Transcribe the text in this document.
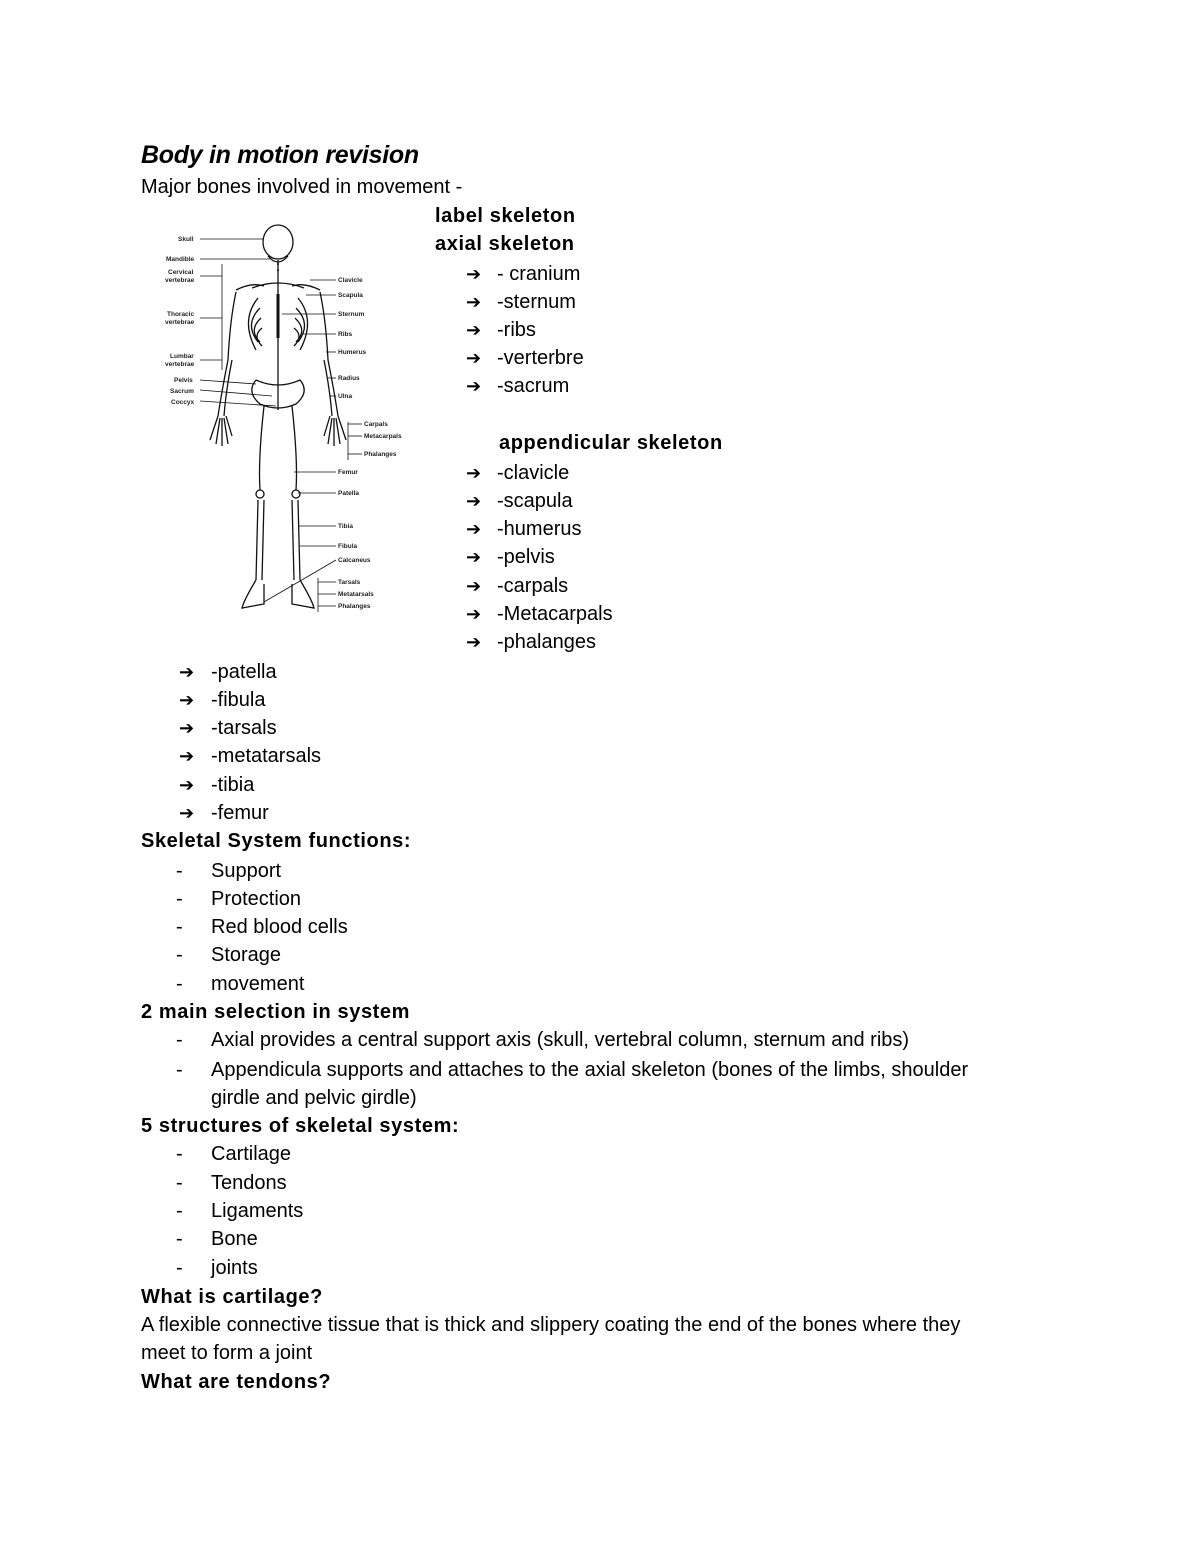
Body in motion revision
Major bones involved in movement -
Skull
Mandible
Cervical
vertebrae
Thoracic
vertebrae
Lumbar
vertebrae
Pelvis
Sacrum
Coccyx
Clavicle
Scapula
Sternum
Ribs
Humerus
Radius
Ulna
Carpals
Metacarpals
Phalanges
Femur
Patella
Tibia
Fibula
Calcaneus
Tarsals
Metatarsals
Phalanges
label skeleton
axial skeleton
➔ - cranium
➔ -sternum
➔ -ribs
➔ -verterbre
➔ -sacrum
appendicular skeleton
➔ -clavicle
➔ -scapula
➔ -humerus
➔ -pelvis
➔ -carpals
➔ -Metacarpals
➔ -phalanges
➔ -patella
➔ -fibula
➔ -tarsals
➔ -metatarsals
➔ -tibia
➔ -femur
Skeletal System functions:
- Support
- Protection
- Red blood cells
- Storage
- movement
2 main selection in system
- Axial provides a central support axis (skull, vertebral column, sternum and ribs)
- Appendicula supports and attaches to the axial skeleton (bones of the limbs, shoulder
girdle and pelvic girdle)
5 structures of skeletal system:
- Cartilage
- Tendons
- Ligaments
- Bone
- joints
What is cartilage?
A flexible connective tissue that is thick and slippery coating the end of the bones where they
meet to form a joint
What are tendons?
